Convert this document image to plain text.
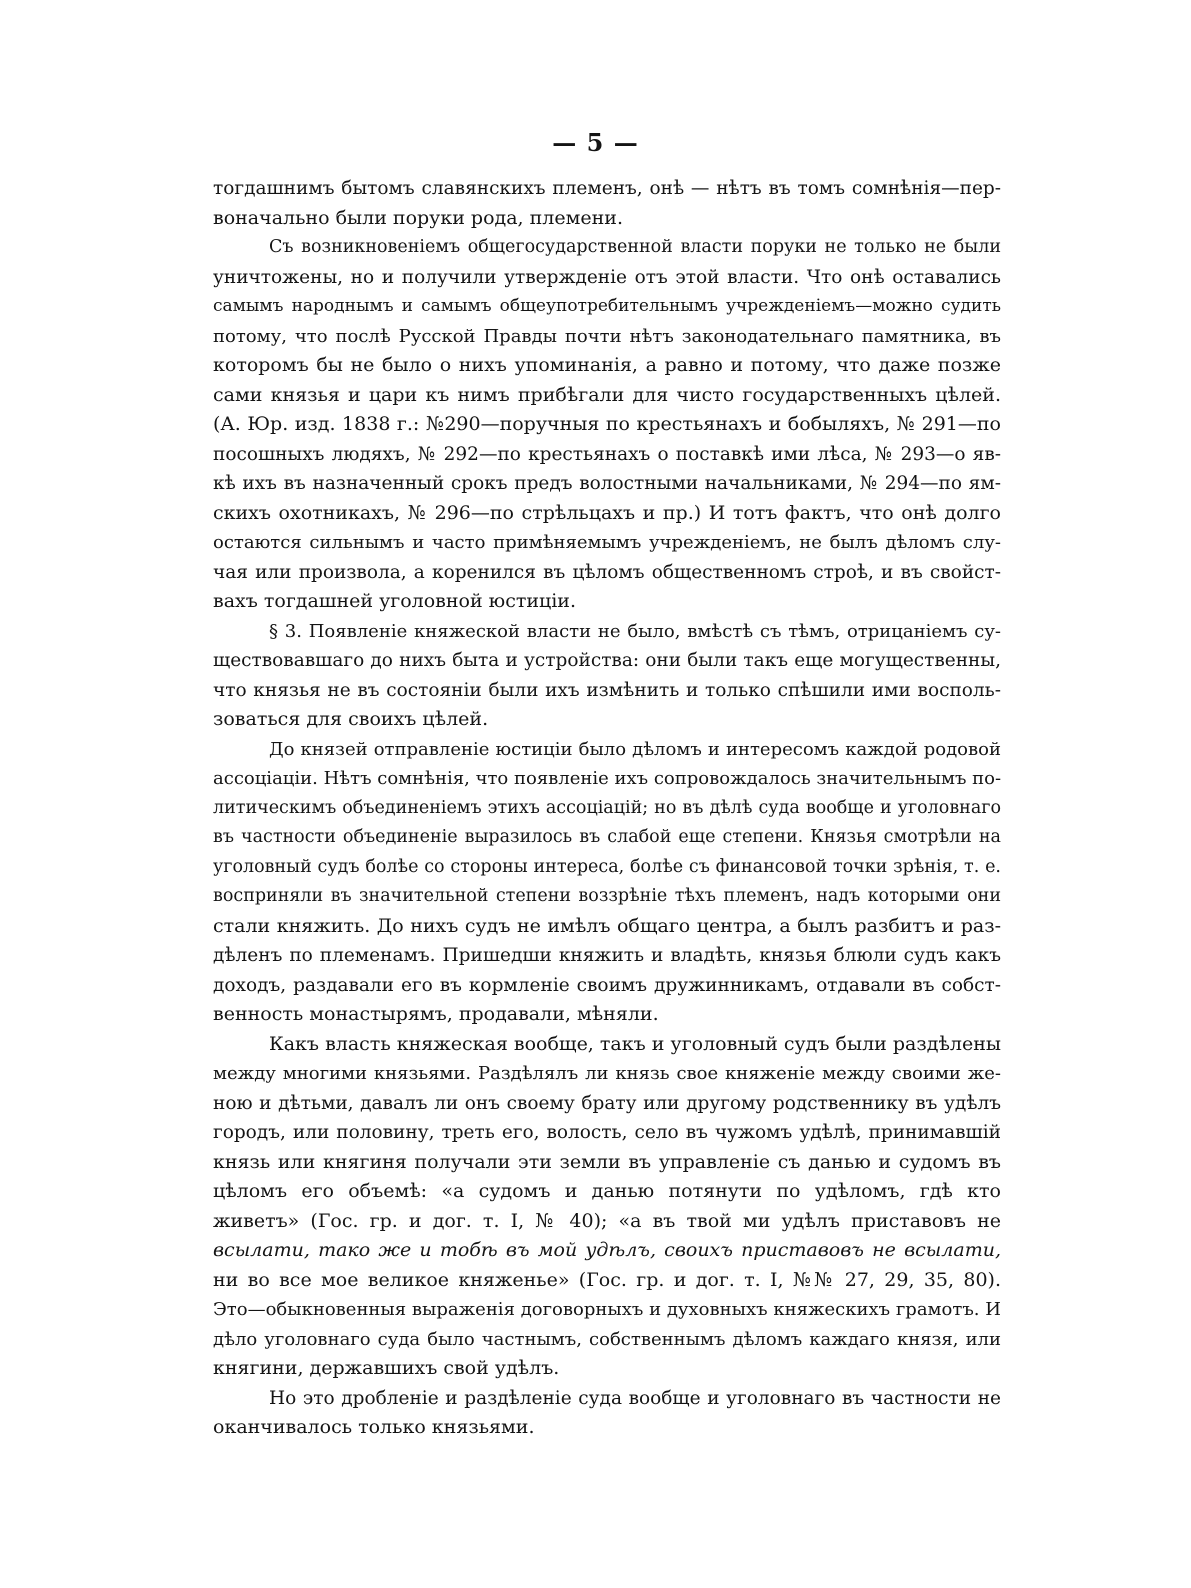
— 5 —
тогдашнимъ бытомъ славянскихъ племенъ, онѣ — нѣтъ въ томъ сомнѣнія—пер-
воначально были поруки рода, племени.
Съ возникновеніемъ общегосударственной власти поруки не только не были
уничтожены, но и получили утвержденіе отъ этой власти. Что онѣ оставались
самымъ народнымъ и самымъ общеупотребительнымъ учрежденіемъ—можно судить
потому, что послѣ Русской Правды почти нѣтъ законодательнаго памятника, въ
которомъ бы не было о нихъ упоминанія, а равно и потому, что даже позже
сами князья и цари къ нимъ прибѣгали для чисто государственныхъ цѣлей.
(А. Юр. изд. 1838 г.: №290—поручныя по крестьянахъ и бобыляхъ, № 291—по
посошныхъ людяхъ, № 292—по крестьянахъ о поставкѣ ими лѣса, № 293—о яв-
кѣ ихъ въ назначенный срокъ предъ волостными начальниками, № 294—по ям-
скихъ охотникахъ, № 296—по стрѣльцахъ и пр.) И тотъ фактъ, что онѣ долго
остаются сильнымъ и часто примѣняемымъ учрежденіемъ, не былъ дѣломъ слу-
чая или произвола, а коренился въ цѣломъ общественномъ строѣ, и въ свойст-
вахъ тогдашней уголовной юстиціи.
§ 3. Появленіе княжеской власти не было, вмѣстѣ съ тѣмъ, отрицаніемъ су-
ществовавшаго до нихъ быта и устройства: они были такъ еще могущественны,
что князья не въ состояніи были ихъ измѣнить и только спѣшили ими восполь-
зоваться для своихъ цѣлей.
До князей отправленіе юстиціи было дѣломъ и интересомъ каждой родовой
ассоціаціи. Нѣтъ сомнѣнія, что появленіе ихъ сопровождалось значительнымъ по-
литическимъ объединеніемъ этихъ ассоціацій; но въ дѣлѣ суда вообще и уголовнаго
въ частности объединеніе выразилось въ слабой еще степени. Князья смотрѣли на
уголовный судъ болѣе со стороны интереса, болѣе съ финансовой точки зрѣнія, т. е.
восприняли въ значительной степени воззрѣніе тѣхъ племенъ, надъ которыми они
стали княжить. До нихъ судъ не имѣлъ общаго центра, а былъ разбитъ и раз-
дѣленъ по племенамъ. Пришедши княжить и владѣть, князья блюли судъ какъ
доходъ, раздавали его въ кормленіе своимъ дружинникамъ, отдавали въ собст-
венность монастырямъ, продавали, мѣняли.
Какъ власть княжеская вообще, такъ и уголовный судъ были раздѣлены
между многими князьями. Раздѣлялъ ли князь свое княженіе между своими же-
ною и дѣтьми, давалъ ли онъ своему брату или другому родственнику въ удѣлъ
городъ, или половину, треть его, волость, село въ чужомъ удѣлѣ, принимавшій
князь или княгиня получали эти земли въ управленіе съ данью и судомъ въ
цѣломъ его объемѣ: «а судомъ и данью потянути по удѣломъ, гдѣ кто
живетъ» (Гос. гр. и дог. т. I, № 40); «а въ твой ми удѣлъ приставовъ не
всылати, тако же и тобѣ въ мой удѣлъ, своихъ приставовъ не всылати,
ни во все мое великое княженье» (Гос. гр. и дог. т. I, №№ 27, 29, 35, 80).
Это—обыкновенныя выраженія договорныхъ и духовныхъ княжескихъ грамотъ. И
дѣло уголовнаго суда было частнымъ, собственнымъ дѣломъ каждаго князя, или
княгини, державшихъ свой удѣлъ.
Но это дробленіе и раздѣленіе суда вообще и уголовнаго въ частности не
оканчивалось только князьями.
